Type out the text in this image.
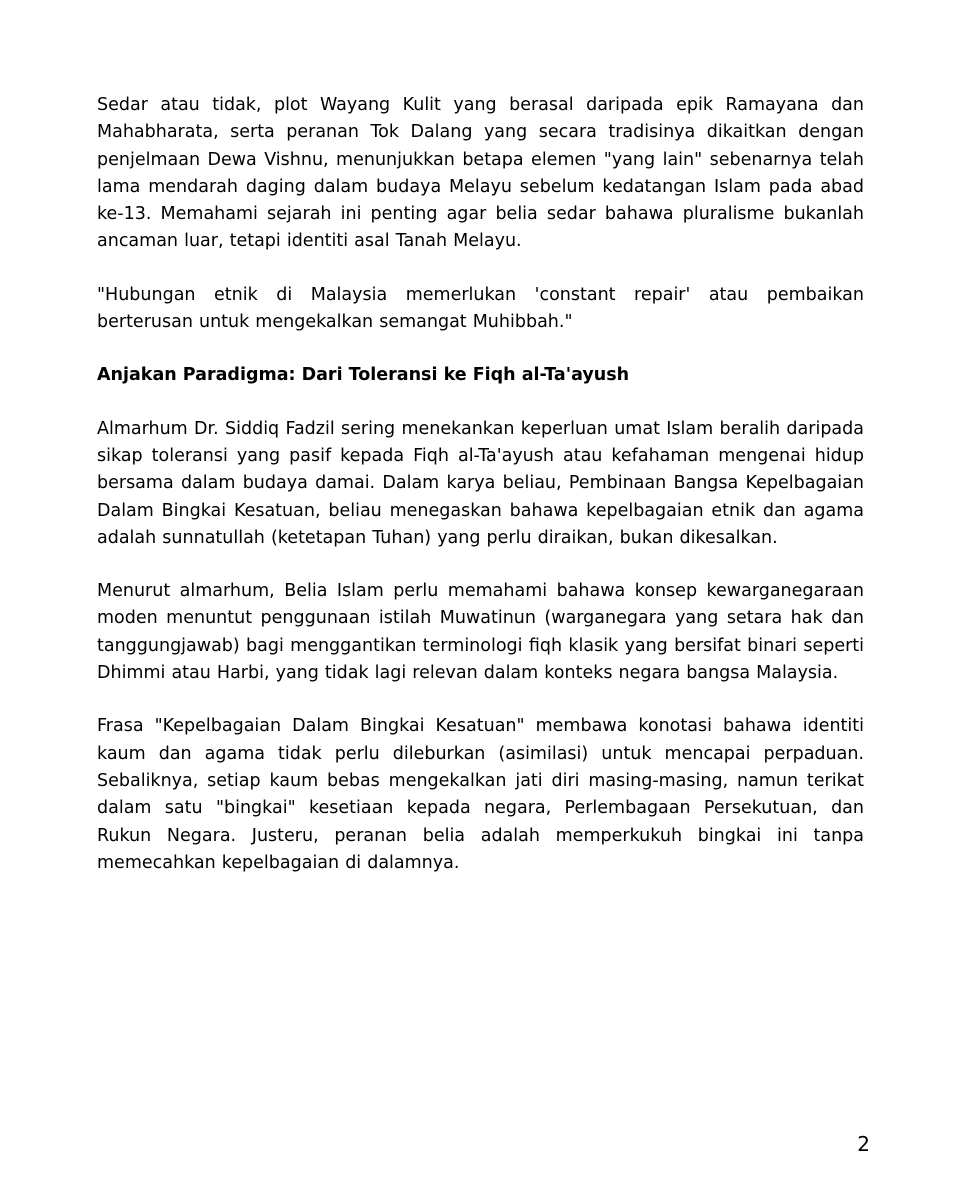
Sedar atau tidak, plot Wayang Kulit yang berasal daripada epik Ramayana dan Mahabharata, serta peranan Tok Dalang yang secara tradisinya dikaitkan dengan penjelmaan Dewa Vishnu, menunjukkan betapa elemen "yang lain" sebenarnya telah lama mendarah daging dalam budaya Melayu sebelum kedatangan Islam pada abad ke-13. Memahami sejarah ini penting agar belia sedar bahawa pluralisme bukanlah ancaman luar, tetapi identiti asal Tanah Melayu.

"Hubungan etnik di Malaysia memerlukan 'constant repair' atau pembaikan berterusan untuk mengekalkan semangat Muhibbah."

Anjakan Paradigma: Dari Toleransi ke Fiqh al-Ta'ayush

Almarhum Dr. Siddiq Fadzil sering menekankan keperluan umat Islam beralih daripada sikap toleransi yang pasif kepada Fiqh al-Ta'ayush atau kefahaman mengenai hidup bersama dalam budaya damai. Dalam karya beliau, Pembinaan Bangsa Kepelbagaian Dalam Bingkai Kesatuan, beliau menegaskan bahawa kepelbagaian etnik dan agama adalah sunnatullah (ketetapan Tuhan) yang perlu diraikan, bukan dikesalkan.

Menurut almarhum, Belia Islam perlu memahami bahawa konsep kewarganegaraan moden menuntut penggunaan istilah Muwatinun (warganegara yang setara hak dan tanggungjawab) bagi menggantikan terminologi fiqh klasik yang bersifat binari seperti Dhimmi atau Harbi, yang tidak lagi relevan dalam konteks negara bangsa Malaysia.

Frasa "Kepelbagaian Dalam Bingkai Kesatuan" membawa konotasi bahawa identiti kaum dan agama tidak perlu dileburkan (asimilasi) untuk mencapai perpaduan. Sebaliknya, setiap kaum bebas mengekalkan jati diri masing-masing, namun terikat dalam satu "bingkai" kesetiaan kepada negara, Perlembagaan Persekutuan, dan Rukun Negara. Justeru, peranan belia adalah memperkukuh bingkai ini tanpa memecahkan kepelbagaian di dalamnya.

2
